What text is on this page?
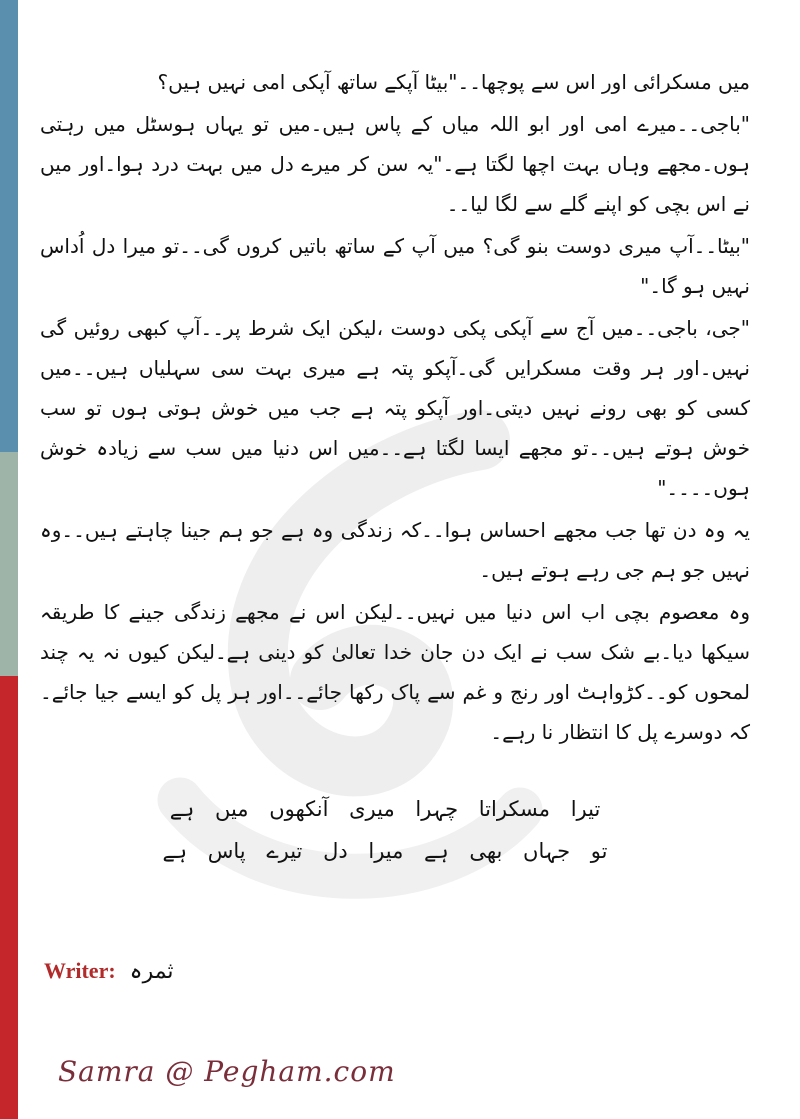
میں مسکرائی اور اس سے پوچھا۔۔"بیٹا آپکے ساتھ آپکی امی نہیں ہیں؟

"باجی۔۔میرے امی اور ابو اللہ میاں کے پاس ہیں۔میں تو یہاں ہوسٹل میں رہتی ہوں۔مجھے وہاں بہت اچھا لگتا ہے۔"یہ سن کر میرے دل میں بہت درد ہوا۔اور میں نے اس بچی کو اپنے گلے سے لگا لیا۔۔

"بیٹا۔۔آپ میری دوست بنو گی؟ میں آپ کے ساتھ باتیں کروں گی۔۔تو میرا دل اُداس نہیں ہو گا۔"

"جی، باجی۔۔میں آج سے آپکی پکی دوست ،لیکن ایک شرط پر۔۔آپ کبھی روئیں گی نہیں۔اور ہر وقت مسکرایں گی۔آپکو پتہ ہے میری بہت سی سہلیاں ہیں۔۔میں کسی کو بھی رونے نہیں دیتی۔اور آپکو پتہ ہے جب میں خوش ہوتی ہوں تو سب خوش ہوتے ہیں۔۔تو مجھے ایسا لگتا ہے۔۔میں اس دنیا میں سب سے زیادہ خوش ہوں۔۔۔۔"

یہ وہ دن تھا جب مجھے احساس ہوا۔۔کہ زندگی وہ ہے جو ہم جینا چاہتے ہیں۔۔وہ نہیں جو ہم جی رہے ہوتے ہیں۔

وہ معصوم بچی اب اس دنیا میں نہیں۔۔لیکن اس نے مجھے زندگی جینے کا طریقہ سیکھا دیا۔بے شک سب نے ایک دن جان خدا تعالیٰ کو دینی ہے۔لیکن کیوں نہ یہ چند لمحوں کو۔۔کڑواہٹ اور رنج و غم سے پاک رکھا جائے۔۔اور ہر پل کو ایسے جیا جائے۔کہ دوسرے پل کا انتظار نا رہے۔

تیرا مسکراتا چہرا میری آنکھوں میں ہے
تو جہاں بھی ہے میرا دل تیرے پاس ہے
Writer: ثمرہ
Samra @ Pegham.com
